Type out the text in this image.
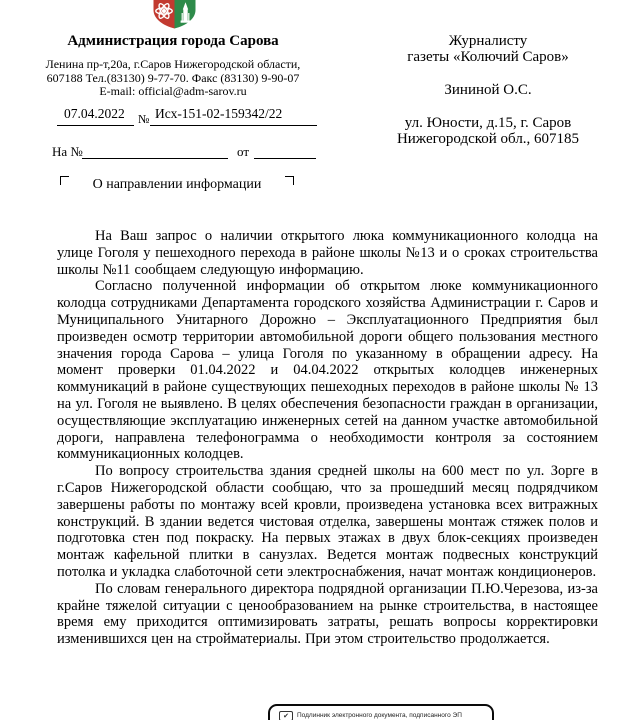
Администрация города Сарова
Ленина пр-т,20а, г.Саров Нижегородской области,
607188 Тел.(83130) 9-77-70. Факс (83130) 9-90-07
E-mail: official@adm-sarov.ru
07.04.2022 № Исх-151-02-159342/22
На №	от
О направлении информации
Журналисту
газеты «Колючий Саров»
Зининой О.С.
ул. Юности, д.15, г. Саров
Нижегородской обл., 607185

На Ваш запрос о наличии открытого люка коммуникационного колодца на улице Гоголя у пешеходного перехода в районе школы №13 и о сроках строительства школы №11 сообщаем следующую информацию.

Согласно полученной информации об открытом люке коммуникационного колодца сотрудниками Департамента городского хозяйства Администрации г. Саров и Муниципального Унитарного Дорожно – Эксплуатационного Предприятия был произведен осмотр территории автомобильной дороги общего пользования местного значения города Сарова – улица Гоголя по указанному в обращении адресу. На момент проверки 01.04.2022 и 04.04.2022 открытых колодцев инженерных коммуникаций в районе существующих пешеходных переходов в районе школы № 13 на ул. Гоголя не выявлено. В целях обеспечения безопасности граждан в организации, осуществляющие эксплуатацию инженерных сетей на данном участке автомобильной дороги, направлена телефонограмма о необходимости контроля за состоянием коммуникационных колодцев.

По вопросу строительства здания средней школы на 600 мест по ул. Зорге в г.Саров Нижегородской области сообщаю, что за прошедший месяц подрядчиком завершены работы по монтажу всей кровли, произведена установка всех витражных конструкций. В здании ведется чистовая отделка, завершены монтаж стяжек полов и подготовка стен под покраску. На первых этажах в двух блок-секциях произведен монтаж кафельной плитки в санузлах. Ведется монтаж подвесных конструкций потолка и укладка слаботочной сети электроснабжения, начат монтаж кондиционеров.

По словам генерального директора подрядной организации П.Ю.Черезова, из-за крайне тяжелой ситуации с ценообразованием на рынке строительства, в настоящее время ему приходится оптимизировать затраты, решать вопросы корректировки изменившихся цен на стройматериалы. При этом строительство продолжается.

✔	Подлинник электронного документа, подписанного ЭП
